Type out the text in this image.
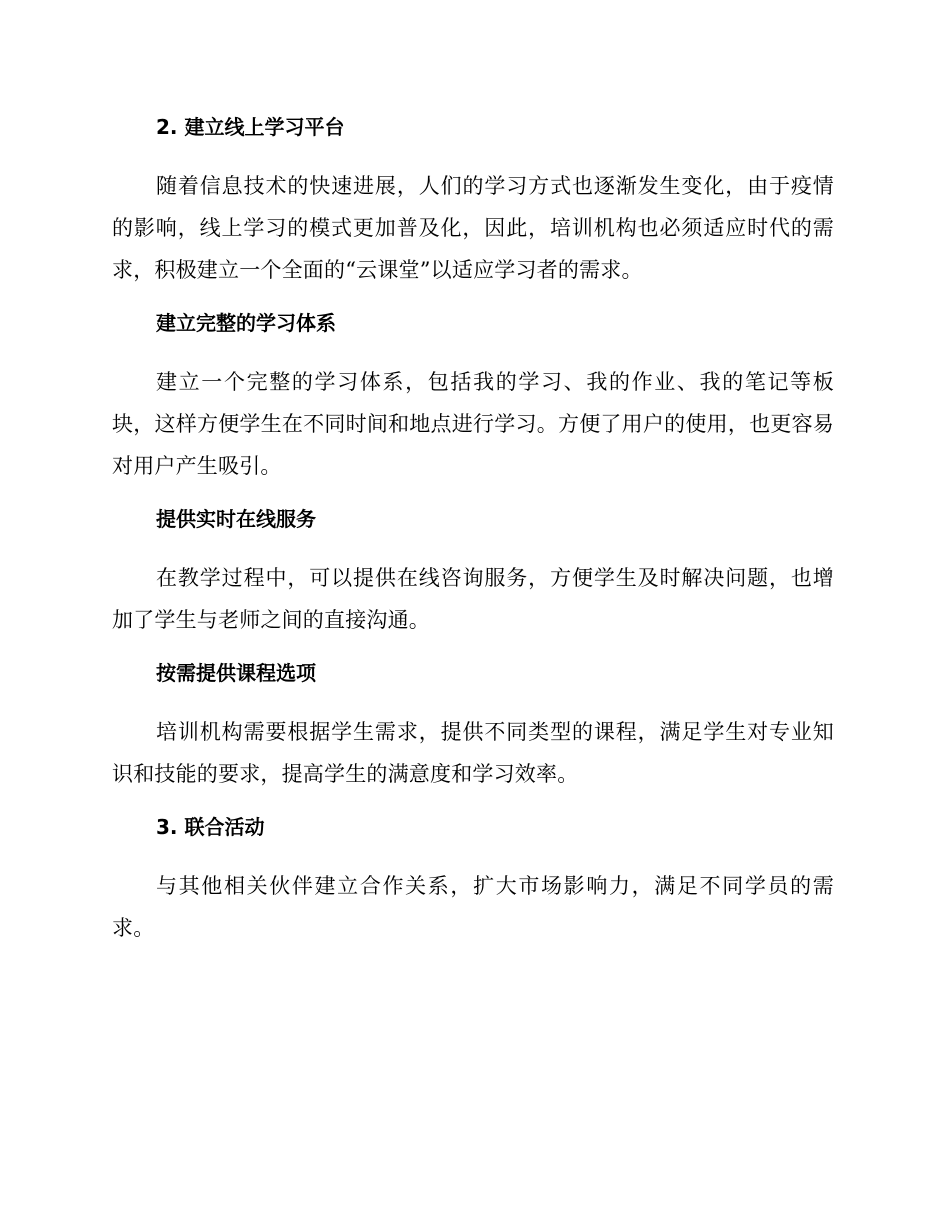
2. 建立线上学习平台

随着信息技术的快速进展，人们的学习方式也逐渐发生变化，由于疫情的影响，线上学习的模式更加普及化，因此，培训机构也必须适应时代的需求，积极建立一个全面的“云课堂”以适应学习者的需求。

建立完整的学习体系

建立一个完整的学习体系，包括我的学习、我的作业、我的笔记等板块，这样方便学生在不同时间和地点进行学习。方便了用户的使用，也更容易对用户产生吸引。

提供实时在线服务

在教学过程中，可以提供在线咨询服务，方便学生及时解决问题，也增加了学生与老师之间的直接沟通。

按需提供课程选项

培训机构需要根据学生需求，提供不同类型的课程，满足学生对专业知识和技能的要求，提高学生的满意度和学习效率。

3. 联合活动

与其他相关伙伴建立合作关系，扩大市场影响力，满足不同学员的需求。
